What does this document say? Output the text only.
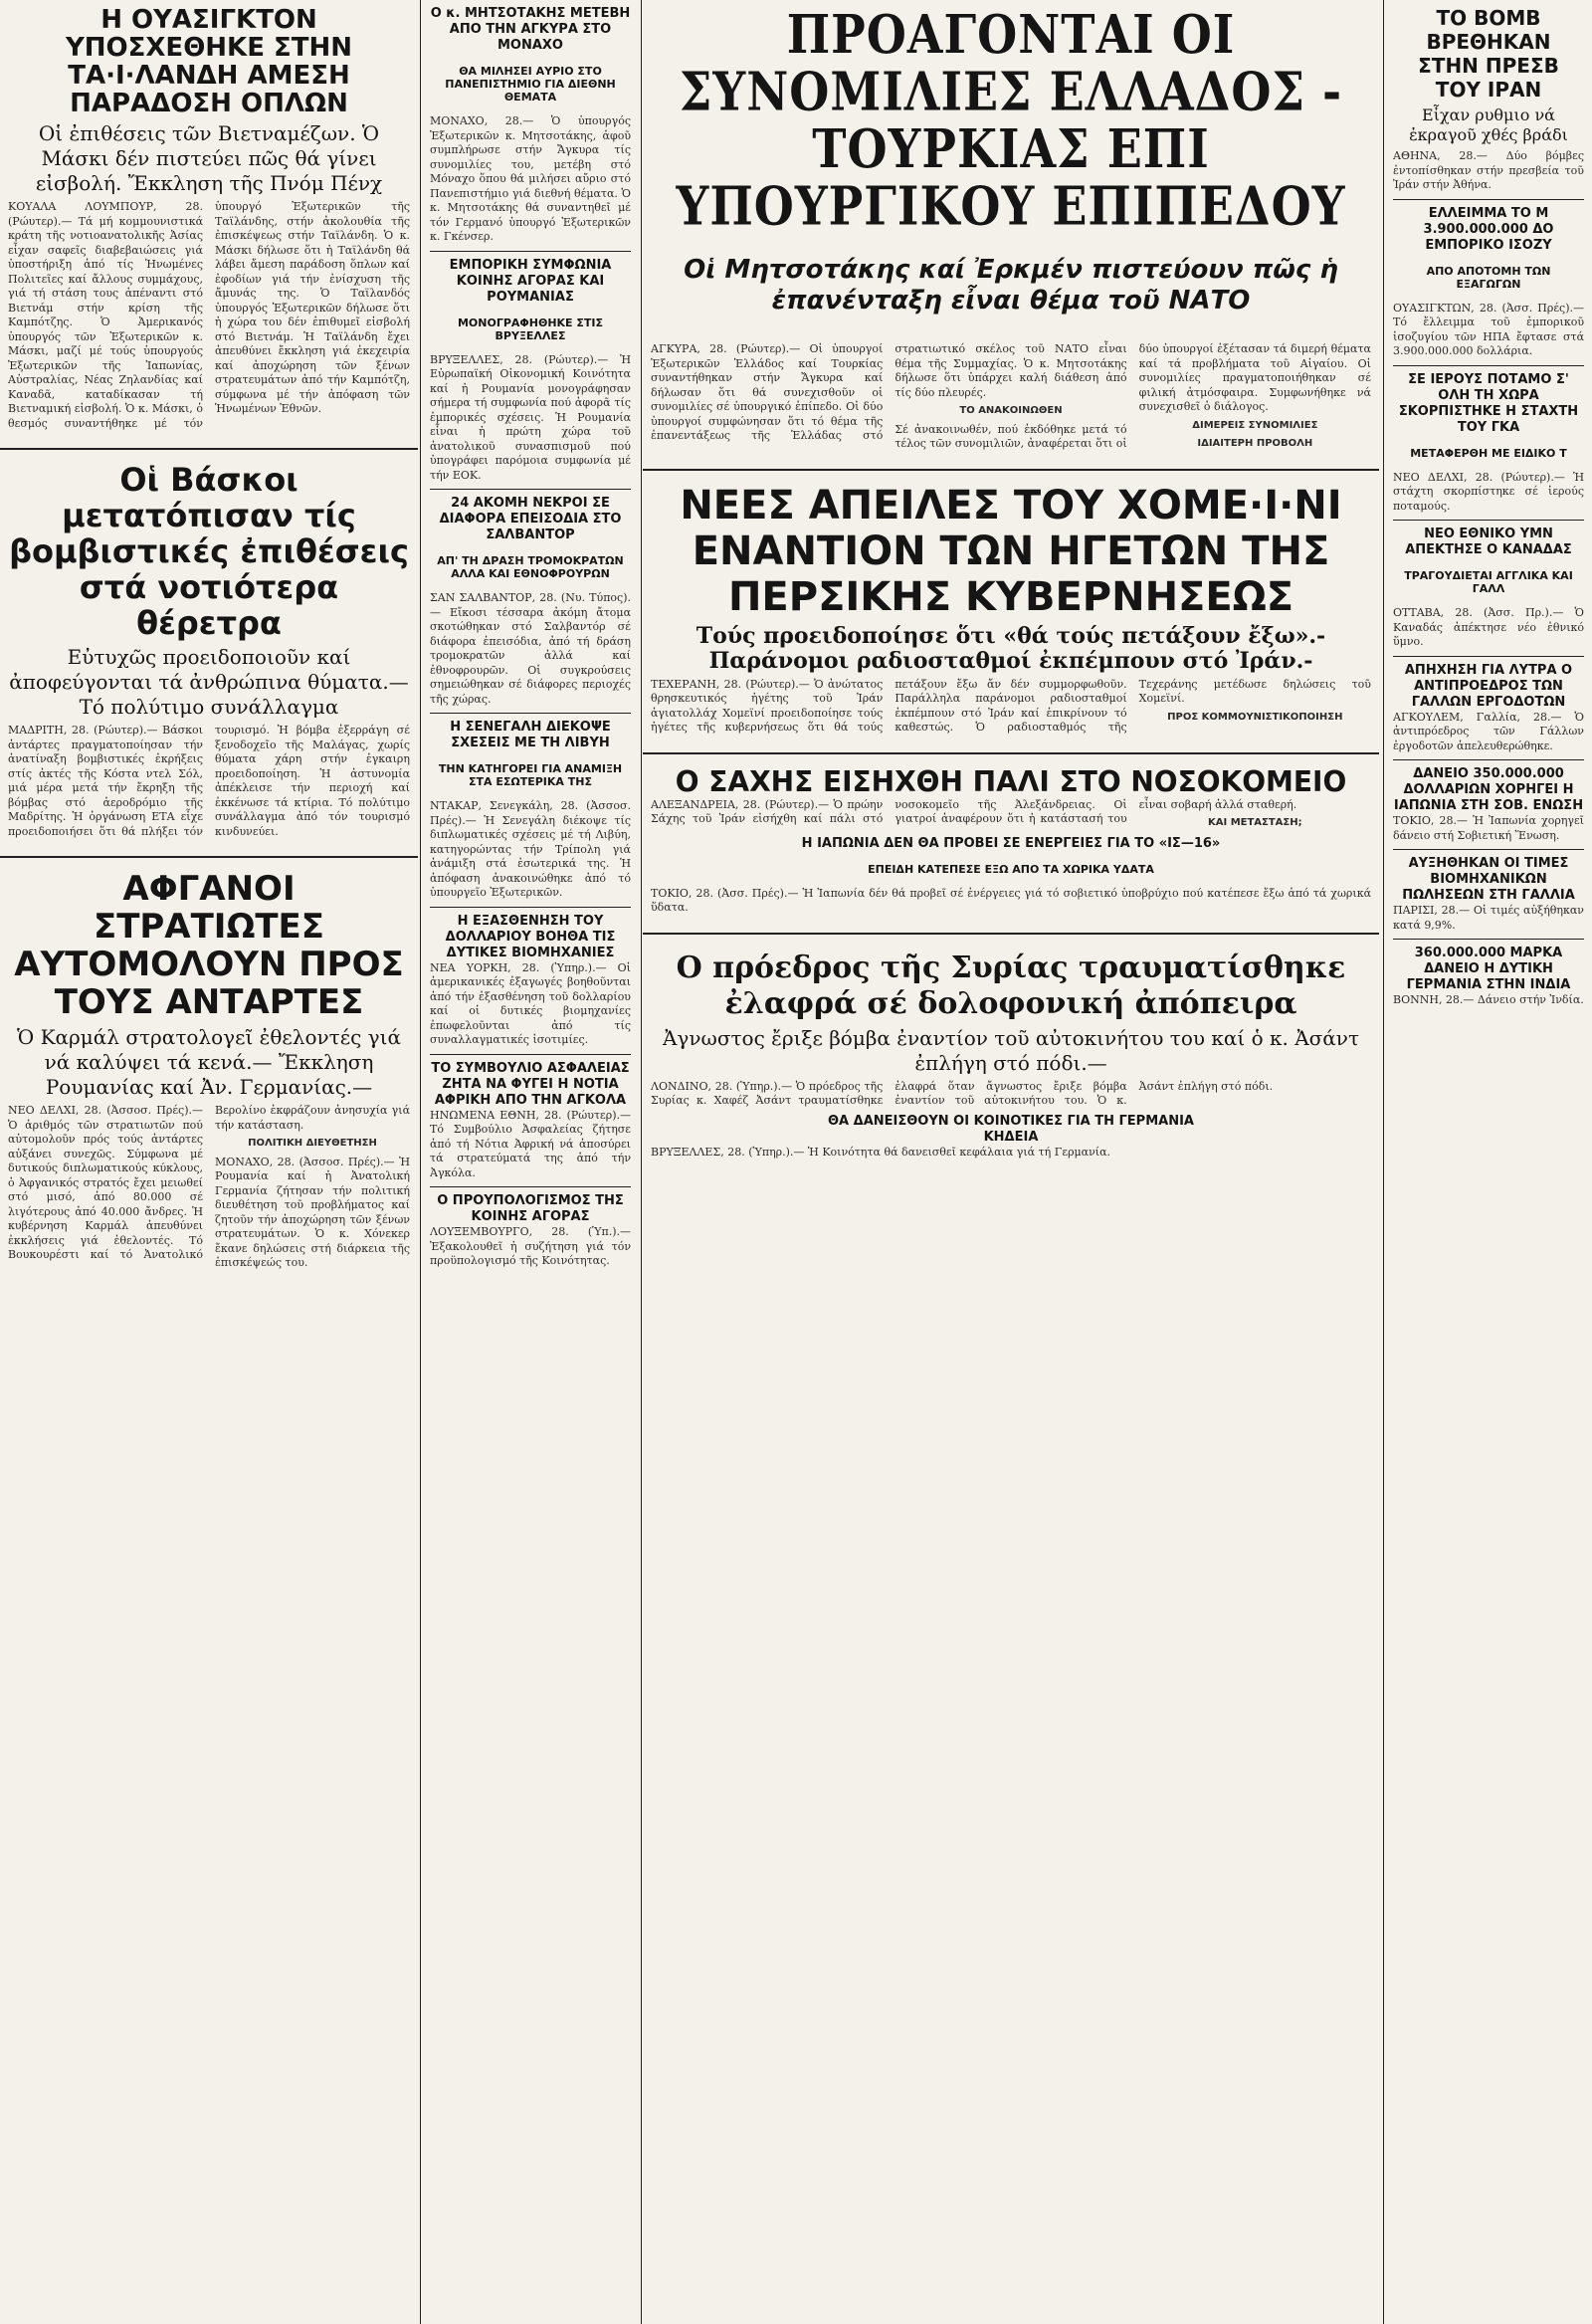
Η ΟΥΑΣΙΓΚΤΟΝ ΥΠΟΣΧΕΘΗΚΕ ΣΤΗΝ ΤΑ·Ι·ΛΑΝΔΗ ΑΜΕΣΗ ΠΑΡΑΔΟΣΗ ΟΠΛΩΝ

Οἱ ἐπιθέσεις τῶν Βιετναμέζων. Ὁ Μάσκι δέν πιστεύει πῶς θά γίνει εἰσβολή. Ἔκκληση τῆς Πνόμ Πένχ

ΚΟΥΑΛΑ ΛΟΥΜΠΟΥΡ, 28. (Ρώυτερ).— Τά μή κομμουνιστικά κράτη τῆς νοτιοανατολικῆς Ἀσίας εἶχαν σαφεῖς διαβεβαιώσεις γιά ὑποστήριξη ἀπό τίς Ἡνωμένες Πολιτεῖες καί ἄλλους συμμάχους, γιά τή στάση τους ἀπέναντι στό Βιετνάμ στήν κρίση τῆς Καμπότζης. Ὁ Ἀμερικανός ὑπουργός τῶν Ἐξωτερικῶν κ. Μάσκι, μαζί μέ τούς ὑπουργούς Ἐξωτερικῶν τῆς Ἰαπωνίας, Αὐστραλίας, Νέας Ζηλανδίας καί Καναδᾶ, καταδίκασαν τή Βιετναμική εἰσβολή. Ὁ κ. Μάσκι, ὁ θεσμός συναντήθηκε μέ τόν ὑπουργό Ἐξωτερικῶν τῆς Ταϊλάνδης, στήν ἀκολουθία τῆς ἐπισκέψεως στήν Ταϊλάνδη. Ὁ κ. Μάσκι δήλωσε ὅτι ἡ Ταϊλάνδη θά λάβει ἄμεση παράδοση ὅπλων καί ἐφοδίων γιά τήν ἐνίσχυση τῆς ἄμυνάς της. Ὁ Ταϊλανδός ὑπουργός Ἐξωτερικῶν δήλωσε ὅτι ἡ χώρα του δέν ἐπιθυμεῖ εἰσβολή στό Βιετνάμ. Ἡ Ταϊλάνδη ἔχει ἀπευθύνει ἔκκληση γιά ἐκεχειρία καί ἀποχώρηση τῶν ξένων στρατευμάτων ἀπό τήν Καμπότζη, σύμφωνα μέ τήν ἀπόφαση τῶν Ἡνωμένων Ἐθνῶν.
Οἱ Βάσκοι μετατόπισαν τίς βομβιστικές ἐπιθέσεις στά νοτιότερα θέρετρα

Εὐτυχῶς προειδοποιοῦν καί ἀποφεύγονται τά ἀνθρώπινα θύματα.— Τό πολύτιμο συνάλλαγμα

ΜΑΔΡΙΤΗ, 28. (Ρώυτερ).— Βάσκοι ἀντάρτες πραγματοποίησαν τήν ἀνατίναξη βομβιστικές ἐκρήξεις στίς ἀκτές τῆς Κόστα ντελ Σόλ, μιά μέρα μετά τήν ἔκρηξη τῆς βόμβας στό ἀεροδρόμιο τῆς Μαδρίτης. Ἡ ὀργάνωση ΕΤΑ εἶχε προειδοποιήσει ὅτι θά πλήξει τόν τουρισμό. Ἡ βόμβα ἐξερράγη σέ ξενοδοχεῖο τῆς Μαλάγας, χωρίς θύματα χάρη στήν ἐγκαιρη προειδοποίηση. Ἡ ἀστυνομία ἀπέκλεισε τήν περιοχή καί ἐκκένωσε τά κτίρια. Τό πολύτιμο συνάλλαγμα ἀπό τόν τουρισμό κινδυνεύει.
ΑΦΓΑΝΟΙ ΣΤΡΑΤΙΩΤΕΣ ΑΥΤΟΜΟΛΟΥΝ ΠΡΟΣ ΤΟΥΣ ΑΝΤΑΡΤΕΣ

Ὁ Καρμάλ στρατολογεῖ ἐθελοντές γιά νά καλύψει τά κενά.— Ἔκκληση Ρουμανίας καί Ἀν. Γερμανίας.—

ΝΕΟ ΔΕΛΧΙ, 28. (Ἀσσοσ. Πρές).— Ὁ ἀριθμός τῶν στρατιωτῶν πού αὐτομολοῦν πρός τούς ἀντάρτες αὐξάνει συνεχῶς. Σύμφωνα μέ δυτικούς διπλωματικούς κύκλους, ὁ Ἀφγανικός στρατός ἔχει μειωθεί στό μισό, ἀπό 80.000 σέ λιγότερους ἀπό 40.000 ἄνδρες. Ἡ κυβέρνηση Καρμάλ ἀπευθύνει ἐκκλήσεις γιά ἐθελοντές. Τό Βουκουρέστι καί τό Ἀνατολικό Βερολίνο ἐκφράζουν ἀνησυχία γιά τήν κατάσταση.

ΠΟΛΙΤΙΚΗ ΔΙΕΥΘΕΤΗΣΗ

ΜΟΝΑΧΟ, 28. (Ἀσσοσ. Πρές).— Ἡ Ρουμανία καί ἡ Ἀνατολική Γερμανία ζήτησαν τήν πολιτική διευθέτηση τοῦ προβλήματος καί ζητοῦν τήν ἀποχώρηση τῶν ξένων στρατευμάτων. Ὁ κ. Χόνεκερ ἔκανε δηλώσεις στή διάρκεια τῆς ἐπισκέψεώς του.
Ο κ. ΜΗΤΣΟΤΑΚΗΣ ΜΕΤΕΒΗ ΑΠΟ ΤΗΝ ΑΓΚΥΡΑ ΣΤΟ ΜΟΝΑΧΟ

ΘΑ ΜΙΛΗΣΕΙ ΑΥΡΙΟ ΣΤΟ ΠΑΝΕΠΙΣΤΗΜΙΟ ΓΙΑ ΔΙΕΘΝΗ ΘΕΜΑΤΑ

ΜΟΝΑΧΟ, 28.— Ὁ ὑπουργός Ἐξωτερικῶν κ. Μητσοτάκης, ἀφοῦ συμπλήρωσε στήν Ἄγκυρα τίς συνομιλίες του, μετέβη στό Μόναχο ὅπου θά μιλήσει αὔριο στό Πανεπιστήμιο γιά διεθνή θέματα. Ὁ κ. Μητσοτάκης θά συναντηθεῖ μέ τόν Γερμανό ὑπουργό Ἐξωτερικῶν κ. Γκένσερ.

ΕΜΠΟΡΙΚΗ ΣΥΜΦΩΝΙΑ ΚΟΙΝΗΣ ΑΓΟΡΑΣ ΚΑΙ ΡΟΥΜΑΝΙΑΣ

ΜΟΝΟΓΡΑΦΗΘΗΚΕ ΣΤΙΣ ΒΡΥΞΕΛΛΕΣ

ΒΡΥΞΕΛΛΕΣ, 28. (Ρώυτερ).— Ἡ Εὐρωπαϊκή Οἰκονομική Κοινότητα καί ἡ Ρουμανία μονογράφησαν σήμερα τή συμφωνία πού ἀφορᾶ τίς ἐμπορικές σχέσεις. Ἡ Ρουμανία εἶναι ἡ πρώτη χώρα τοῦ ἀνατολικοῦ συνασπισμοῦ πού ὑπογράφει παρόμοια συμφωνία μέ τήν ΕΟΚ.

24 ΑΚΟΜΗ ΝΕΚΡΟΙ ΣΕ ΔΙΑΦΟΡΑ ΕΠΕΙΣΟΔΙΑ ΣΤΟ ΣΑΛΒΑΝΤΟΡ

ΑΠ' ΤΗ ΔΡΑΣΗ ΤΡΟΜΟΚΡΑΤΩΝ ΑΛΛΑ ΚΑΙ ΕΘΝΟΦΡΟΥΡΩΝ

ΣΑΝ ΣΑΛΒΑΝΤΟΡ, 28. (Νυ. Τύπος).— Εἴκοσι τέσσαρα ἀκόμη ἄτομα σκοτώθηκαν στό Σαλβαντόρ σέ διάφορα ἐπεισόδια, ἀπό τή δράση τρομοκρατῶν ἀλλά καί ἐθνοφρουρῶν. Οἱ συγκρούσεις σημειώθηκαν σέ διάφορες περιοχές τῆς χώρας.

Η ΣΕΝΕΓΑΛΗ ΔΙΕΚΟΨΕ ΣΧΕΣΕΙΣ ΜΕ ΤΗ ΛΙΒΥΗ

ΤΗΝ ΚΑΤΗΓΟΡΕΙ ΓΙΑ ΑΝΑΜΙΞΗ ΣΤΑ ΕΣΩΤΕΡΙΚΑ ΤΗΣ

ΝΤΑΚΑΡ, Σενεγκάλη, 28. (Ἀσσοσ. Πρές).— Ἡ Σενεγάλη διέκοψε τίς διπλωματικές σχέσεις μέ τή Λιβύη, κατηγορώντας τήν Τρίπολη γιά ἀνάμιξη στά ἐσωτερικά της. Ἡ ἀπόφαση ἀνακοινώθηκε ἀπό τό ὑπουργεῖο Ἐξωτερικῶν.

Η ΕΞΑΣΘΕΝΗΣΗ ΤΟΥ ΔΟΛΛΑΡΙΟΥ ΒΟΗΘΑ ΤΙΣ ΔΥΤΙΚΕΣ ΒΙΟΜΗΧΑΝΙΕΣ

ΝΕΑ ΥΟΡΚΗ, 28. (Ὑπηρ.).— Οἱ ἀμερικανικές ἐξαγωγές βοηθοῦνται ἀπό τήν ἐξασθένηση τοῦ δολλαρίου καί οἱ δυτικές βιομηχανίες ἐπωφελοῦνται ἀπό τίς συναλλαγματικές ἰσοτιμίες.

ΤΟ ΣΥΜΒΟΥΛΙΟ ΑΣΦΑΛΕΙΑΣ ΖΗΤΑ ΝΑ ΦΥΓΕΙ Η ΝΟΤΙΑ ΑΦΡΙΚΗ ΑΠΟ ΤΗΝ ΑΓΚΟΛΑ

ΗΝΩΜΕΝΑ ΕΘΝΗ, 28. (Ρώυτερ).— Τό Συμβούλιο Ἀσφαλείας ζήτησε ἀπό τή Νότια Ἀφρική νά ἀποσύρει τά στρατεύματά της ἀπό τήν Ἀγκόλα.

Ο ΠΡΟΥΠΟΛΟΓΙΣΜΟΣ ΤΗΣ ΚΟΙΝΗΣ ΑΓΟΡΑΣ

ΛΟΥΞΕΜΒΟΥΡΓΟ, 28. (Ὑπ.).— Ἐξακολουθεῖ ἡ συζήτηση γιά τόν προϋπολογισμό τῆς Κοινότητας.

ΠΡΟΑΓΟΝΤΑΙ ΟΙ ΣΥΝΟΜΙΛΙΕΣ ΕΛΛΑΔΟΣ - ΤΟΥΡΚΙΑΣ ΕΠΙ ΥΠΟΥΡΓΙΚΟΥ ΕΠΙΠΕΔΟΥ

Οἱ Μητσοτάκης καί Ἐρκμέν πιστεύουν πῶς ἡ ἐπανένταξη εἶναι θέμα τοῦ ΝΑΤΟ

ΑΓΚΥΡΑ, 28. (Ρώυτερ).— Οἱ ὑπουργοί Ἐξωτερικῶν Ἑλλάδος καί Τουρκίας συναντήθηκαν στήν Ἄγκυρα καί δήλωσαν ὅτι θά συνεχισθοῦν οἱ συνομιλίες σέ ὑπουργικό ἐπίπεδο. Οἱ δύο ὑπουργοί συμφώνησαν ὅτι τό θέμα τῆς ἐπανεντάξεως τῆς Ἑλλάδας στό στρατιωτικό σκέλος τοῦ ΝΑΤΟ εἶναι θέμα τῆς Συμμαχίας. Ὁ κ. Μητσοτάκης δήλωσε ὅτι ὑπάρχει καλή διάθεση ἀπό τίς δύο πλευρές.

ΤΟ ΑΝΑΚΟΙΝΩΘΕΝ

Σέ ἀνακοινωθέν, πού ἐκδόθηκε μετά τό τέλος τῶν συνομιλιῶν, ἀναφέρεται ὅτι οἱ δύο ὑπουργοί ἐξέτασαν τά διμερή θέματα καί τά προβλήματα τοῦ Αἰγαίου. Οἱ συνομιλίες πραγματοποιήθηκαν σέ φιλική ἀτμόσφαιρα. Συμφωνήθηκε νά συνεχισθεῖ ὁ διάλογος.

ΔΙΜΕΡΕΙΣ ΣΥΝΟΜΙΛΙΕΣ

ΙΔΙΑΙΤΕΡΗ ΠΡΟΒΟΛΗ

ΝΕΕΣ ΑΠΕΙΛΕΣ ΤΟΥ ΧΟΜΕ·Ι·ΝΙ ΕΝΑΝΤΙΟΝ ΤΩΝ ΗΓΕΤΩΝ ΤΗΣ ΠΕΡΣΙΚΗΣ ΚΥΒΕΡΝΗΣΕΩΣ

Τούς προειδοποίησε ὅτι «θά τούς πετάξουν ἔξω».- Παράνομοι ραδιοσταθμοί ἐκπέμπουν στό Ἰράν.-

ΤΕΧΕΡΑΝΗ, 28. (Ρώυτερ).— Ὁ ἀνώτατος θρησκευτικός ἡγέτης τοῦ Ἰράν ἀγιατολλάχ Χομεϊνί προειδοποίησε τούς ἡγέτες τῆς κυβερνήσεως ὅτι θά τούς πετάξουν ἔξω ἄν δέν συμμορφωθοῦν. Παράλληλα παράνομοι ραδιοσταθμοί ἐκπέμπουν στό Ἰράν καί ἐπικρίνουν τό καθεστώς. Ὁ ραδιοσταθμός τῆς Τεχεράνης μετέδωσε δηλώσεις τοῦ Χομεϊνί.

ΠΡΟΣ ΚΟΜΜΟΥΝΙΣΤΙΚΟΠΟΙΗΣΗ

Ο ΣΑΧΗΣ ΕΙΣΗΧΘΗ ΠΑΛΙ ΣΤΟ ΝΟΣΟΚΟΜΕΙΟ
ΑΛΕΞΑΝΔΡΕΙΑ, 28. (Ρώυτερ).— Ὁ πρώην Σάχης τοῦ Ἰράν εἰσήχθη καί πάλι στό νοσοκομεῖο τῆς Ἀλεξάνδρειας. Οἱ γιατροί ἀναφέρουν ὅτι ἡ κατάστασή του εἶναι σοβαρή ἀλλά σταθερή.

ΚΑΙ ΜΕΤΑΣΤΑΣΗ;

Η ΙΑΠΩΝΙΑ ΔΕΝ ΘΑ ΠΡΟΒΕΙ ΣΕ ΕΝΕΡΓΕΙΕΣ ΓΙΑ ΤΟ «ΙΣ—16»

ΕΠΕΙΔΗ ΚΑΤΕΠΕΣΕ ΕΞΩ ΑΠΟ ΤΑ ΧΩΡΙΚΑ ΥΔΑΤΑ

ΤΟΚΙΟ, 28. (Ἀσσ. Πρές).— Ἡ Ἰαπωνία δέν θά προβεῖ σέ ἐνέργειες γιά τό σοβιετικό ὑποβρύχιο πού κατέπεσε ἔξω ἀπό τά χωρικά ὕδατα.

Ο πρόεδρος τῆς Συρίας τραυματίσθηκε ἐλαφρά σέ δολοφονική ἀπόπειρα

Ἀγνωστος ἔριξε βόμβα ἐναντίον τοῦ αὐτοκινήτου του καί ὁ κ. Ἀσάντ ἐπλήγη στό πόδι.—

ΛΟΝΔΙΝΟ, 28. (Ὑπηρ.).— Ὁ πρόεδρος τῆς Συρίας κ. Χαφέζ Ἀσάντ τραυματίσθηκε ἐλαφρά ὅταν ἄγνωστος ἔριξε βόμβα ἐναντίον τοῦ αὐτοκινήτου του. Ὁ κ. Ἀσάντ ἐπλήγη στό πόδι.

ΘΑ ΔΑΝΕΙΣΘΟΥΝ ΟΙ ΚΟΙΝΟΤΙΚΕΣ ΓΙΑ ΤΗ ΓΕΡΜΑΝΙΑ
ΚΗΔΕΙΑ

ΒΡΥΞΕΛΛΕΣ, 28. (Ὑπηρ.).— Ἡ Κοινότητα θά δανεισθεῖ κεφάλαια γιά τή Γερμανία.

ΤΟ ΒΟΜΒ ΒΡΕΘΗΚΑΝ ΣΤΗΝ ΠΡΕΣΒ ΤΟΥ ΙΡΑΝ

Εἶχαν ρυθμιο νά ἐκραγοῦ χθές βράδι

ΑΘΗΝΑ, 28.— Δύο βόμβες ἐντοπίσθηκαν στήν πρεσβεία τοῦ Ἰράν στήν Ἀθήνα.

ΕΛΛΕΙΜΜΑ ΤΟ Μ 3.900.000.000 ΔΟ ΕΜΠΟΡΙΚΟ ΙΣΟΖΥ

ΑΠΟ ΑΠΟΤΟΜΗ ΤΩΝ ΕΞΑΓΩΓΩΝ

ΟΥΑΣΙΓΚΤΩΝ, 28. (Ἀσσ. Πρές).— Τό ἔλλειμμα τοῦ ἐμπορικοῦ ἰσοζυγίου τῶν ΗΠΑ ἔφτασε στά 3.900.000.000 δολλάρια.

ΣΕ ΙΕΡΟΥΣ ΠΟΤΑΜΟ Σ' ΟΛΗ ΤΗ ΧΩΡΑ ΣΚΟΡΠΙΣΤΗΚΕ Η ΣΤΑΧΤΗ ΤΟΥ ΓΚΑ

ΜΕΤΑΦΕΡΘΗ ΜΕ ΕΙΔΙΚΟ Τ

ΝΕΟ ΔΕΛΧΙ, 28. (Ρώυτερ).— Ἡ στάχτη σκορπίστηκε σέ ἱερούς ποταμούς.

ΝΕΟ ΕΘΝΙΚΟ ΥΜΝ ΑΠΕΚΤΗΣΕ Ο ΚΑΝΑΔΑΣ

ΤΡΑΓΟΥΔΙΕΤΑΙ ΑΓΓΛΙΚΑ ΚΑΙ ΓΑΛΛ

ΟΤΤΑΒΑ, 28. (Ἀσσ. Πρ.).— Ὁ Καναδάς ἀπέκτησε νέο ἐθνικό ὕμνο.

ΑΠΗΧΗΣΗ ΓΙΑ ΛΥΤΡΑ Ο ΑΝΤΙΠΡΟΕΔΡΟΣ ΤΩΝ ΓΑΛΛΩΝ ΕΡΓΟΔΟΤΩΝ

ΑΓΚΟΥΛΕΜ, Γαλλία, 28.— Ὁ ἀντιπρόεδρος τῶν Γάλλων ἐργοδοτῶν ἀπελευθερώθηκε.

ΔΑΝΕΙΟ 350.000.000 ΔΟΛΛΑΡΙΩΝ ΧΟΡΗΓΕΙ Η ΙΑΠΩΝΙΑ ΣΤΗ ΣΟΒ. ΕΝΩΣΗ

ΤΟΚΙΟ, 28.— Ἡ Ἰαπωνία χορηγεῖ δάνειο στή Σοβιετική Ἕνωση.

ΑΥΞΗΘΗΚΑΝ ΟΙ ΤΙΜΕΣ ΒΙΟΜΗΧΑΝΙΚΩΝ ΠΩΛΗΣΕΩΝ ΣΤΗ ΓΑΛΛΙΑ

ΠΑΡΙΣΙ, 28.— Οἱ τιμές αὐξήθηκαν κατά 9,9%.

360.000.000 ΜΑΡΚΑ ΔΑΝΕΙΟ Η ΔΥΤΙΚΗ ΓΕΡΜΑΝΙΑ ΣΤΗΝ ΙΝΔΙΑ

ΒΟΝΝΗ, 28.— Δάνειο στήν Ἰνδία.
